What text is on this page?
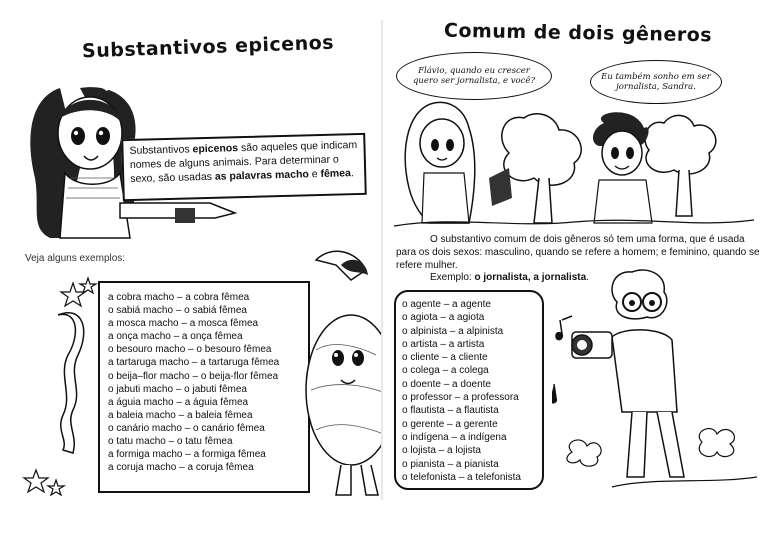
Substantivos epicenos
Substantivos epicenos são aqueles que indicam nomes de alguns animais. Para determinar o sexo, são usadas as palavras macho e fêmea.
Veja alguns exemplos:
a cobra macho – a cobra fêmea
o sabiá macho – o sabiá fêmea
a mosca macho – a mosca fêmea
a onça macho – a onça fêmea
o besouro macho – o besouro fêmea
a tartaruga macho – a tartaruga fêmea
o beija–flor macho – o beija-flor fêmea
o jabuti macho – o jabuti fêmea
a águia macho – a águia fêmea
a baleia macho – a baleia fêmea
o canário macho – o canário fêmea
o tatu macho – o tatu fêmea
a formiga macho – a formiga fêmea
a coruja macho – a coruja fêmea
Comum de dois gêneros
Flávio, quando eu crescer quero ser jornalista, e você?	Eu também sonho em ser jornalista, Sandra.
O substantivo comum de dois gêneros só tem uma forma, que é usada para os dois sexos: masculino, quando se refere a homem; e feminino, quando se refere mulher.
Exemplo: o jornalista, a jornalista.
o agente – a agente
o agiota – a agiota
o alpinista – a alpinista
o artista – a artista
o cliente – a cliente
o colega – a colega
o doente – a doente
o professor – a professora
o flautista – a flautista
o gerente – a gerente
o indígena – a indígena
o lojista – a lojista
o pianista – a pianista
o telefonista – a telefonista
